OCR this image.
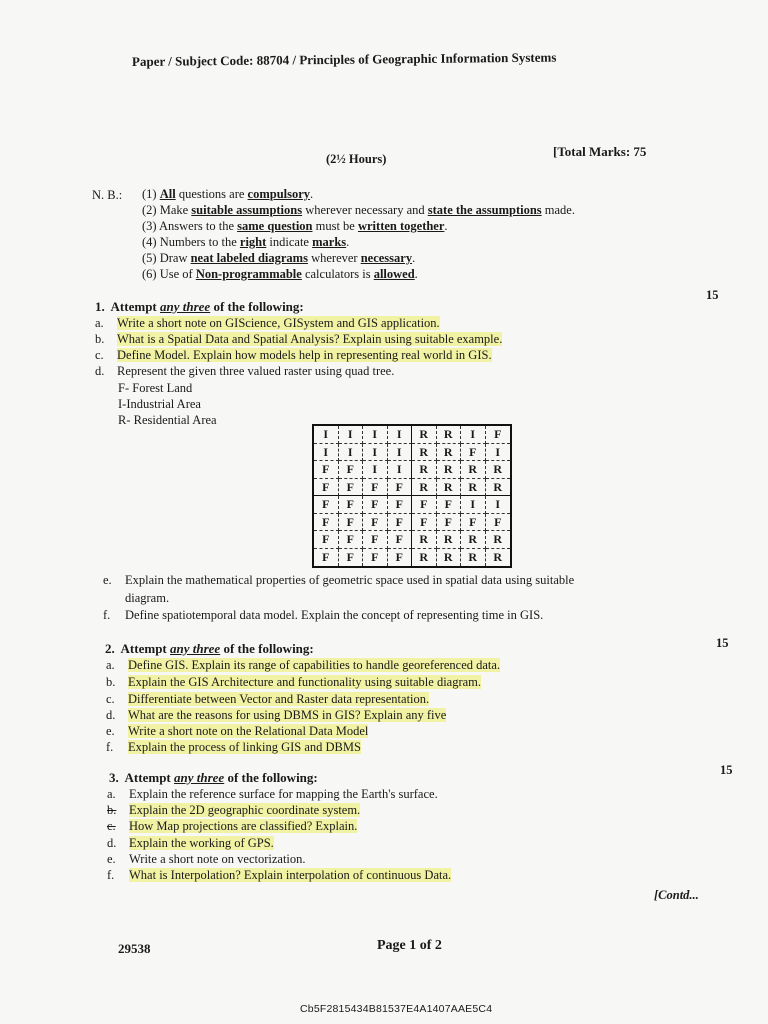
Paper / Subject Code: 88704 / Principles of Geographic Information Systems
(2½ Hours)	[Total Marks: 75
N. B.: (1) All questions are compulsory.
(2) Make suitable assumptions wherever necessary and state the assumptions made.
(3) Answers to the same question must be written together.
(4) Numbers to the right indicate marks.
(5) Draw neat labeled diagrams wherever necessary.
(6) Use of Non-programmable calculators is allowed.
1. Attempt any three of the following:
15
a. Write a short note on GIScience, GISystem and GIS application.
b. What is a Spatial Data and Spatial Analysis? Explain using suitable example.
c. Define Model. Explain how models help in representing real world in GIS.
d. Represent the given three valued raster using quad tree.
F- Forest Land
I-Industrial Area
R- Residential Area
I	I	I	I	R	R	I	F
I	I	I	I	R	R	F	I
F	F	I	I	R	R	R	R
F	F	F	F	R	R	R	R
F	F	F	F	F	F	I	I
F	F	F	F	F	F	F	F
F	F	F	F	R	R	R	R
F	F	F	F	R	R	R	R
e. Explain the mathematical properties of geometric space used in spatial data using suitable
diagram.
f. Define spatiotemporal data model. Explain the concept of representing time in GIS.
2. Attempt any three of the following:	15
a. Define GIS. Explain its range of capabilities to handle georeferenced data.
b. Explain the GIS Architecture and functionality using suitable diagram.
c. Differentiate between Vector and Raster data representation.
d. What are the reasons for using DBMS in GIS? Explain any five
e. Write a short note on the Relational Data Model
f. Explain the process of linking GIS and DBMS
3. Attempt any three of the following:	15
a. Explain the reference surface for mapping the Earth's surface.
b. Explain the 2D geographic coordinate system.
c. How Map projections are classified? Explain.
d. Explain the working of GPS.
e. Write a short note on vectorization.
f. What is Interpolation? Explain interpolation of continuous Data.
[Contd...
29538	Page 1 of 2
Cb5F2815434B81537E4A1407AAE5C4
